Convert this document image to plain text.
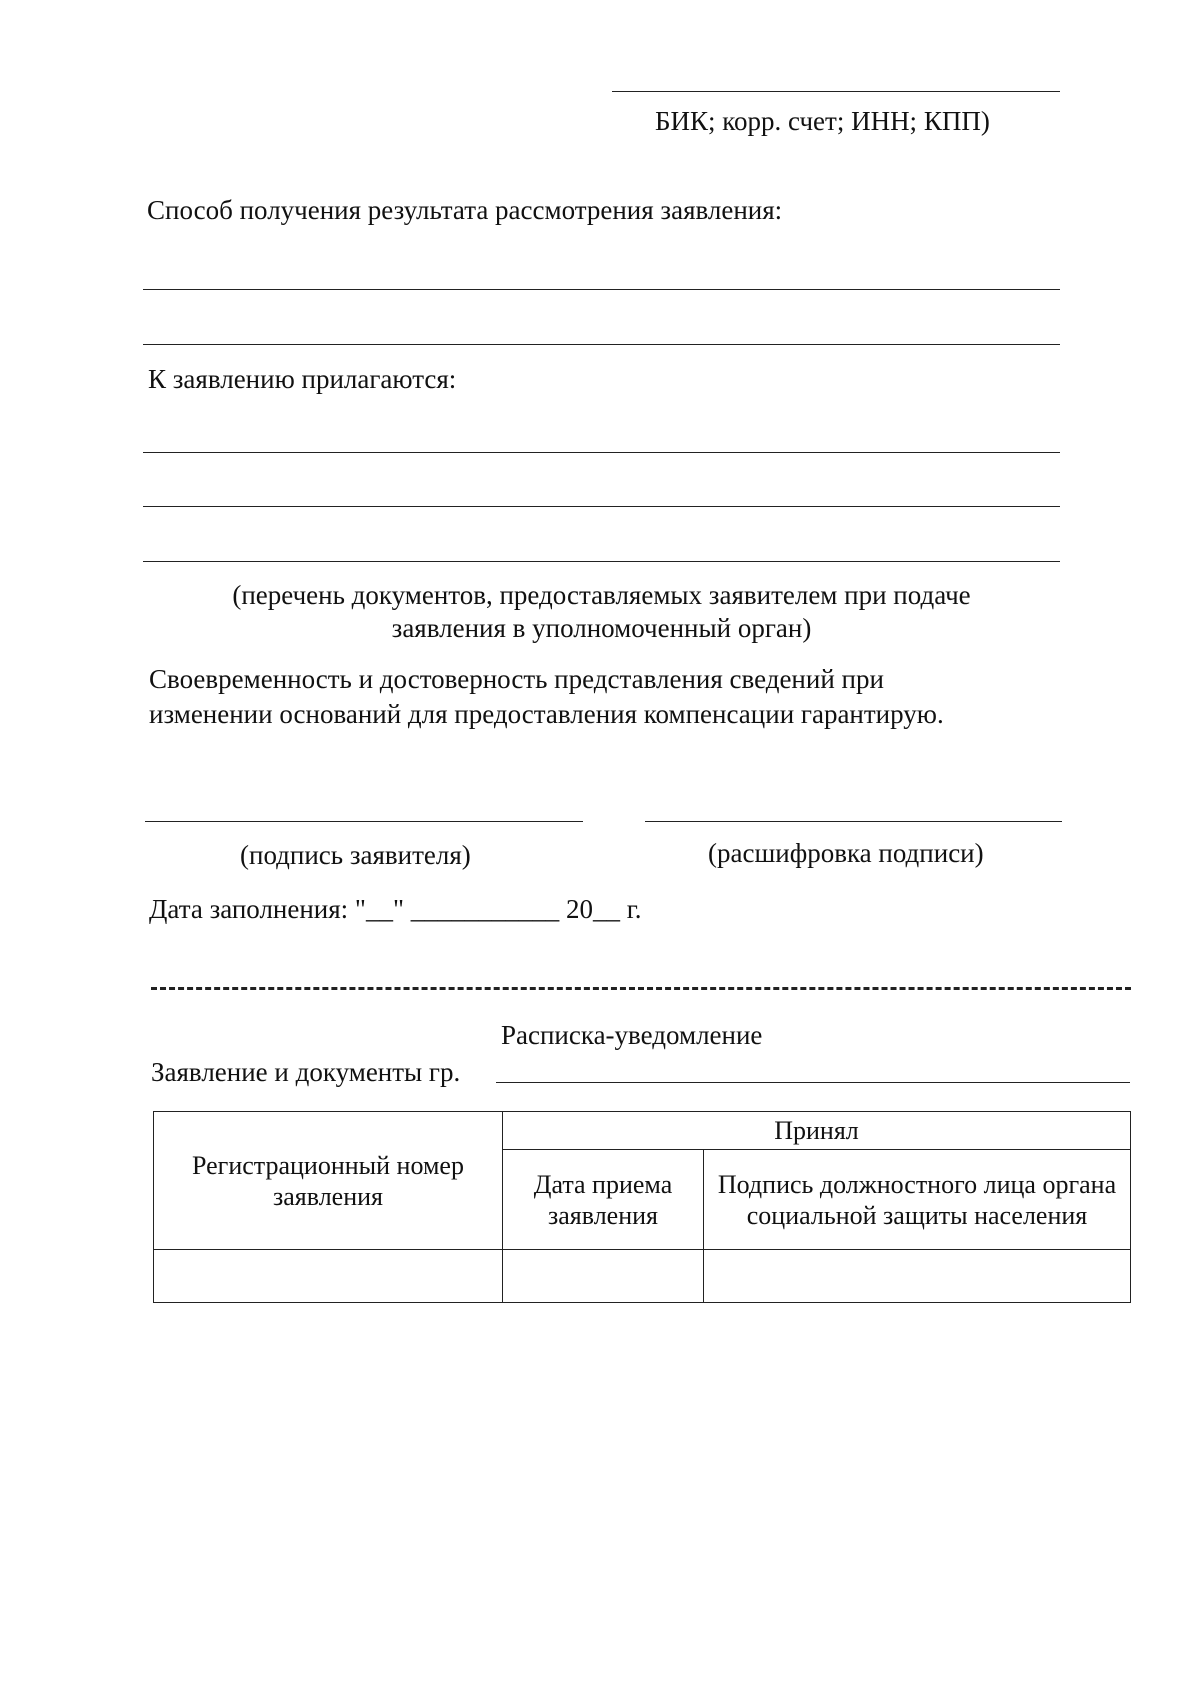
БИК; корр. счет; ИНН; КПП)
Способ получения результата рассмотрения заявления:
К заявлению прилагаются:
(перечень документов, предоставляемых заявителем при подаче
заявления в уполномоченный орган)
Своевременность и достоверность представления сведений при
изменении оснований для предоставления компенсации гарантирую.
(подпись заявителя)	(расшифровка подписи)
Дата заполнения: "__" ___________ 20__ г.
Расписка-уведомление
Заявление и документы гр.
Регистрационный номер заявления	Принял	
	Дата приема заявления	Подпись должностного лица органа социальной защиты населения
